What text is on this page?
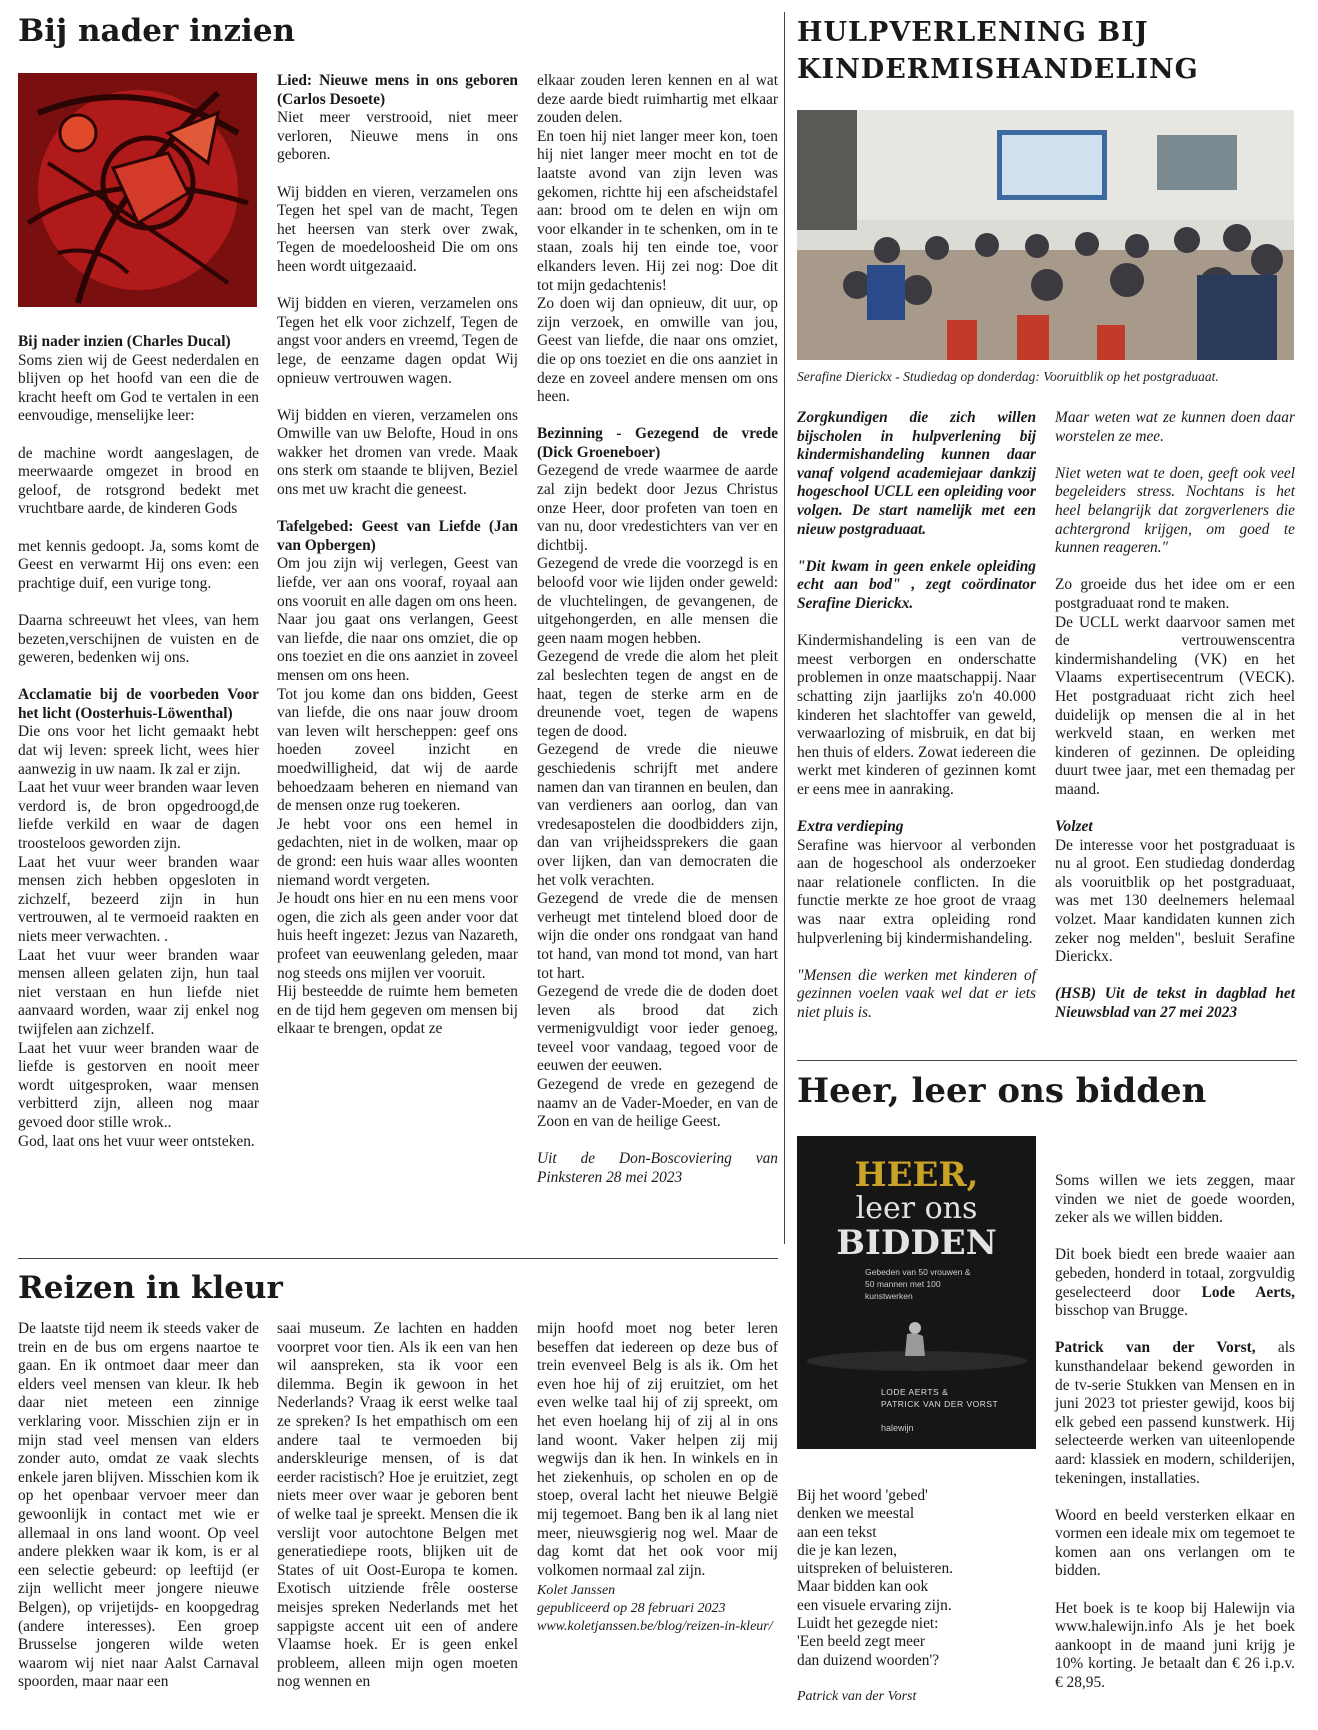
Bij nader inzien

Bij nader inzien (Charles Ducal)

Soms zien wij de Geest nederdalen en blijven op het hoofd van een die de kracht heeft om God te vertalen in een eenvoudige, menselijke leer:

de machine wordt aangeslagen, de meerwaarde omgezet in brood en geloof, de rotsgrond bedekt met vruchtbare aarde, de kinderen Gods

met kennis gedoopt. Ja, soms komt de Geest en verwarmt Hij ons even: een prachtige duif, een vurige tong.

Daarna schreeuwt het vlees, van hem bezeten,verschijnen de vuisten en de geweren, bedenken wij ons.

Acclamatie bij de voorbeden Voor het licht (Oosterhuis-Löwenthal)

Die ons voor het licht gemaakt hebt dat wij leven: spreek licht, wees hier aanwezig in uw naam. Ik zal er zijn.

Laat het vuur weer branden waar leven verdord is, de bron opgedroogd,de liefde verkild en waar de dagen troosteloos geworden zijn.

Laat het vuur weer branden waar mensen zich hebben opgesloten in zichzelf, bezeerd zijn in hun vertrouwen, al te vermoeid raakten en niets meer verwachten. .

Laat het vuur weer branden waar mensen alleen gelaten zijn, hun taal niet verstaan en hun liefde niet aanvaard worden, waar zij enkel nog twijfelen aan zichzelf.

Laat het vuur weer branden waar de liefde is gestorven en nooit meer wordt uitgesproken, waar mensen verbitterd zijn, alleen nog maar gevoed door stille wrok..

God, laat ons het vuur weer ontsteken.

Lied: Nieuwe mens in ons geboren (Carlos Desoete)

Niet meer verstrooid, niet meer verloren, Nieuwe mens in ons geboren.

Wij bidden en vieren, verzamelen ons Tegen het spel van de macht, Tegen het heersen van sterk over zwak, Tegen de moedeloosheid Die om ons heen wordt uitgezaaid.

Wij bidden en vieren, verzamelen ons Tegen het elk voor zichzelf, Tegen de angst voor anders en vreemd, Tegen de lege, de eenzame dagen opdat Wij opnieuw vertrouwen wagen.

Wij bidden en vieren, verzamelen ons Omwille van uw Belofte, Houd in ons wakker het dromen van vrede. Maak ons sterk om staande te blijven, Beziel ons met uw kracht die geneest.

Tafelgebed: Geest van Liefde (Jan van Opbergen)

Om jou zijn wij verlegen, Geest van liefde, ver aan ons vooraf, royaal aan ons vooruit en alle dagen om ons heen.

Naar jou gaat ons verlangen, Geest van liefde, die naar ons omziet, die op ons toeziet en die ons aanziet in zoveel mensen om ons heen.

Tot jou kome dan ons bidden, Geest van liefde, die ons naar jouw droom van leven wilt herscheppen: geef ons hoeden zoveel inzicht en moedwilligheid, dat wij de aarde behoedzaam beheren en niemand van de mensen onze rug toekeren.

Je hebt voor ons een hemel in gedachten, niet in de wolken, maar op de grond: een huis waar alles woonten niemand wordt vergeten.

Je houdt ons hier en nu een mens voor ogen, die zich als geen ander voor dat huis heeft ingezet: Jezus van Nazareth, profeet van eeuwenlang geleden, maar nog steeds ons mijlen ver vooruit.

Hij besteedde de ruimte hem bemeten en de tijd hem gegeven om mensen bij elkaar te brengen, opdat ze

elkaar zouden leren kennen en al wat deze aarde biedt ruimhartig met elkaar zouden delen.

En toen hij niet langer meer kon, toen hij niet langer meer mocht en tot de laatste avond van zijn leven was gekomen, richtte hij een afscheidstafel aan: brood om te delen en wijn om voor elkander in te schenken, om in te staan, zoals hij ten einde toe, voor elkanders leven. Hij zei nog: Doe dit tot mijn gedachtenis!

Zo doen wij dan opnieuw, dit uur, op zijn verzoek, en omwille van jou, Geest van liefde, die naar ons omziet, die op ons toeziet en die ons aanziet in deze en zoveel andere mensen om ons heen.

Bezinning - Gezegend de vrede (Dick Groeneboer)

Gezegend de vrede waarmee de aarde zal zijn bedekt door Jezus Christus onze Heer, door profeten van toen en van nu, door vredestichters van ver en dichtbij.

Gezegend de vrede die voorzegd is en beloofd voor wie lijden onder geweld: de vluchtelingen, de gevangenen, de uitgehongerden, en alle mensen die geen naam mogen hebben.

Gezegend de vrede die alom het pleit zal beslechten tegen de angst en de haat, tegen de sterke arm en de dreunende voet, tegen de wapens tegen de dood.

Gezegend de vrede die nieuwe geschiedenis schrijft met andere namen dan van tirannen en beulen, dan van verdieners aan oorlog, dan van vredesapostelen die doodbidders zijn, dan van vrijheidssprekers die gaan over lijken, dan van democraten die het volk verachten.

Gezegend de vrede die de mensen verheugt met tintelend bloed door de wijn die onder ons rondgaat van hand tot hand, van mond tot mond, van hart tot hart.

Gezegend de vrede die de doden doet leven als brood dat zich vermenigvuldigt voor ieder genoeg, teveel voor vandaag, tegoed voor de eeuwen der eeuwen.

Gezegend de vrede en gezegend de naamv an de Vader-Moeder, en van de Zoon en van de heilige Geest.

Uit de Don-Boscoviering van Pinksteren 28 mei 2023

HULPVERLENING BIJ
KINDERMISHANDELING
Serafine Dierickx - Studiedag op donderdag: Vooruitblik op het postgraduaat.

Zorgkundigen die zich willen bijscholen in hulpverlening bij kindermishandeling kunnen daar vanaf volgend academiejaar dankzij hogeschool UCLL een opleiding voor volgen. De start namelijk met een nieuw postgraduaat.

"Dit kwam in geen enkele opleiding echt aan bod" , zegt coördinator Serafine Dierickx.

Kindermishandeling is een van de meest verborgen en onderschatte problemen in onze maatschappij. Naar schatting zijn jaarlijks zo'n 40.000 kinderen het slachtoffer van geweld, verwaarlozing of misbruik, en dat bij hen thuis of elders. Zowat iedereen die werkt met kinderen of gezinnen komt er eens mee in aanraking.

Extra verdieping

Serafine was hiervoor al verbonden aan de hogeschool als onderzoeker naar relationele conflicten. In die functie merkte ze hoe groot de vraag was naar extra opleiding rond hulpverlening bij kindermishandeling.

"Mensen die werken met kinderen of gezinnen voelen vaak wel dat er iets niet pluis is.

Maar weten wat ze kunnen doen daar worstelen ze mee.

Niet weten wat te doen, geeft ook veel begeleiders stress. Nochtans is het heel belangrijk dat zorgverleners die achtergrond krijgen, om goed te kunnen reageren."

Zo groeide dus het idee om er een postgraduaat rond te maken.

De UCLL werkt daarvoor samen met de vertrouwenscentra kindermishandeling (VK) en het Vlaams expertisecentrum (VECK). Het postgraduaat richt zich heel duidelijk op mensen die al in het werkveld staan, en werken met kinderen of gezinnen. De opleiding duurt twee jaar, met een themadag per maand.

Volzet

De interesse voor het postgraduaat is nu al groot. Een studiedag donderdag als vooruitblik op het postgraduaat, was met 130 deelnemers helemaal volzet. Maar kandidaten kunnen zich zeker nog melden", besluit Serafine Dierickx.

(HSB) Uit de tekst in dagblad het Nieuwsblad van 27 mei 2023

Reizen in kleur

De laatste tijd neem ik steeds vaker de trein en de bus om ergens naartoe te gaan. En ik ontmoet daar meer dan elders veel mensen van kleur. Ik heb daar niet meteen een zinnige verklaring voor. Misschien zijn er in mijn stad veel mensen van elders zonder auto, omdat ze vaak slechts enkele jaren blijven. Misschien kom ik op het openbaar vervoer meer dan gewoonlijk in contact met wie er allemaal in ons land woont. Op veel andere plekken waar ik kom, is er al een selectie gebeurd: op leeftijd (er zijn wellicht meer jongere nieuwe Belgen), op vrijetijds- en koopgedrag (andere interesses). Een groep Brusselse jongeren wilde weten waarom wij niet naar Aalst Carnaval spoorden, maar naar een

saai museum. Ze lachten en hadden voorpret voor tien. Als ik een van hen wil aanspreken, sta ik voor een dilemma. Begin ik gewoon in het Nederlands? Vraag ik eerst welke taal ze spreken? Is het empathisch om een andere taal te vermoeden bij anderskleurige mensen, of is dat eerder racistisch? Hoe je eruitziet, zegt niets meer over waar je geboren bent of welke taal je spreekt. Mensen die ik verslijt voor autochtone Belgen met generatiediepe roots, blijken uit de States of uit Oost-Europa te komen. Exotisch uitziende frêle oosterse meisjes spreken Nederlands met het sappigste accent uit een of andere Vlaamse hoek. Er is geen enkel probleem, alleen mijn ogen moeten nog wennen en

mijn hoofd moet nog beter leren beseffen dat iedereen op deze bus of trein evenveel Belg is als ik. Om het even hoe hij of zij eruitziet, om het even welke taal hij of zij spreekt, om het even hoelang hij of zij al in ons land woont. Vaker helpen zij mij wegwijs dan ik hen. In winkels en in het ziekenhuis, op scholen en op de stoep, overal lacht het nieuwe België mij tegemoet. Bang ben ik al lang niet meer, nieuwsgierig nog wel. Maar de dag komt dat het ook voor mij volkomen normaal zal zijn.

Kolet Janssen
gepubliceerd op 28 februari 2023
www.koletjanssen.be/blog/reizen-in-kleur/
Heer, leer ons bidden
HEER,
leer ons
BIDDEN
Gebeden van 50 vrouwen & 50 mannen met 100 kunstwerken
LODE AERTS &
PATRICK VAN DER VORST
halewijn
Bij het woord 'gebed'
denken we meestal
aan een tekst
die je kan lezen,
uitspreken of beluisteren.
Maar bidden kan ook
een visuele ervaring zijn.
Luidt het gezegde niet:
'Een beeld zegt meer
dan duizend woorden'?
Patrick van der Vorst

Soms willen we iets zeggen, maar vinden we niet de goede woorden, zeker als we willen bidden.

Dit boek biedt een brede waaier aan gebeden, honderd in totaal, zorgvuldig geselecteerd door Lode Aerts, bisschop van Brugge.

Patrick van der Vorst, als kunsthandelaar bekend geworden in de tv-serie Stukken van Mensen en in juni 2023 tot priester gewijd, koos bij elk gebed een passend kunstwerk. Hij selecteerde werken van uiteenlopende aard: klassiek en modern, schilderijen, tekeningen, installaties.

Woord en beeld versterken elkaar en vormen een ideale mix om tegemoet te komen aan ons verlangen om te bidden.

Het boek is te koop bij Halewijn via www.halewijn.info Als je het boek aankoopt in de maand juni krijg je 10% korting. Je betaalt dan € 26 i.p.v. € 28,95.
